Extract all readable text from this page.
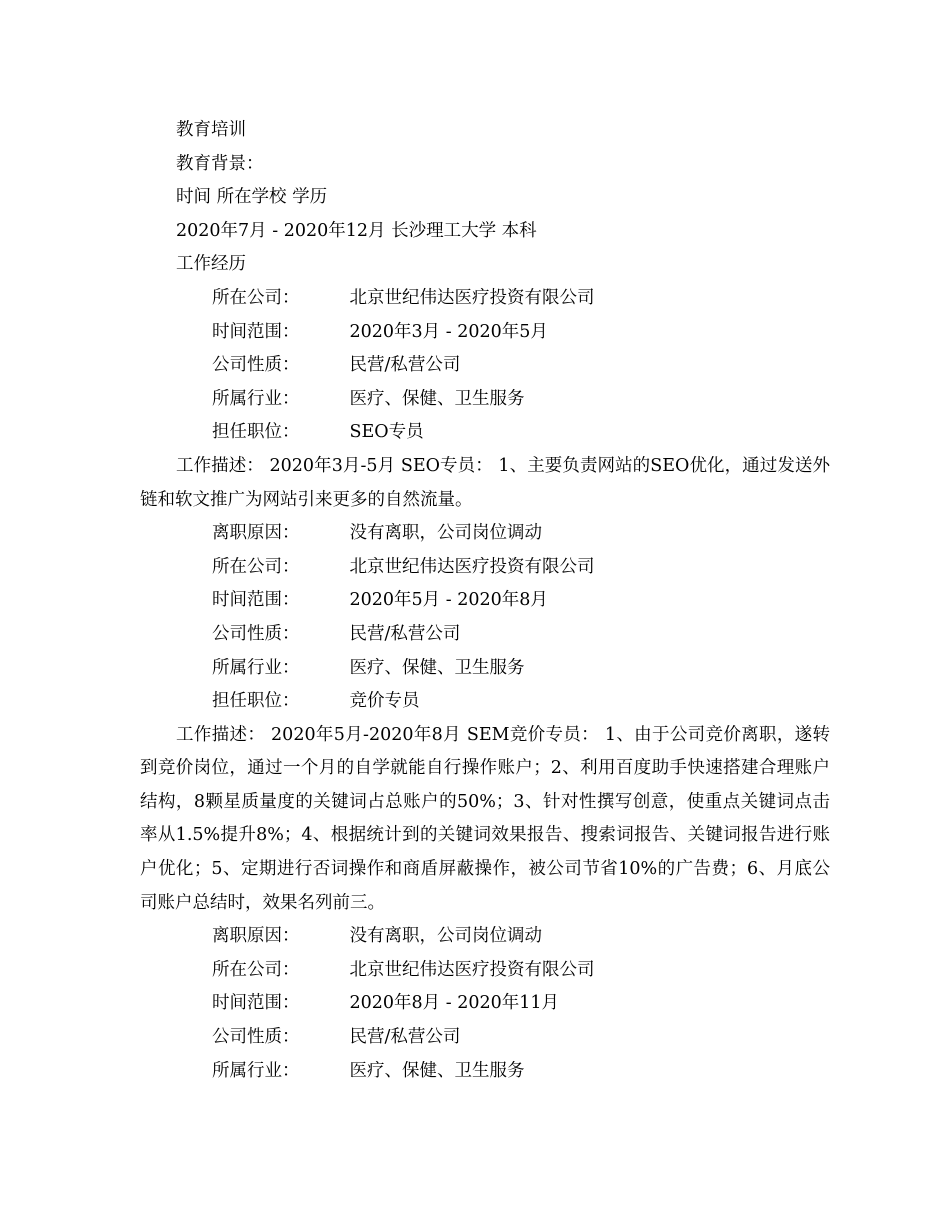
教育培训
教育背景：
时间 所在学校 学历
2020年7月 - 2020年12月 长沙理工大学 本科
工作经历
所在公司：	北京世纪伟达医疗投资有限公司
时间范围：	2020年3月 - 2020年5月
公司性质：	民营/私营公司
所属行业：	医疗、保健、卫生服务
担任职位：	SEO专员
工作描述： 2020年3月-5月 SEO专员： 1、主要负责网站的SEO优化，通过发送外链和软文推广为网站引来更多的自然流量。
离职原因：	没有离职，公司岗位调动
所在公司：	北京世纪伟达医疗投资有限公司
时间范围：	2020年5月 - 2020年8月
公司性质：	民营/私营公司
所属行业：	医疗、保健、卫生服务
担任职位：	竞价专员
工作描述： 2020年5月-2020年8月 SEM竞价专员： 1、由于公司竞价离职，遂转到竞价岗位，通过一个月的自学就能自行操作账户；2、利用百度助手快速搭建合理账户结构，8颗星质量度的关键词占总账户的50%；3、针对性撰写创意，使重点关键词点击率从1.5%提升8%；4、根据统计到的关键词效果报告、搜索词报告、关键词报告进行账户优化；5、定期进行否词操作和商盾屏蔽操作，被公司节省10%的广告费；6、月底公司账户总结时，效果名列前三。
离职原因：	没有离职，公司岗位调动
所在公司：	北京世纪伟达医疗投资有限公司
时间范围：	2020年8月 - 2020年11月
公司性质：	民营/私营公司
所属行业：	医疗、保健、卫生服务
